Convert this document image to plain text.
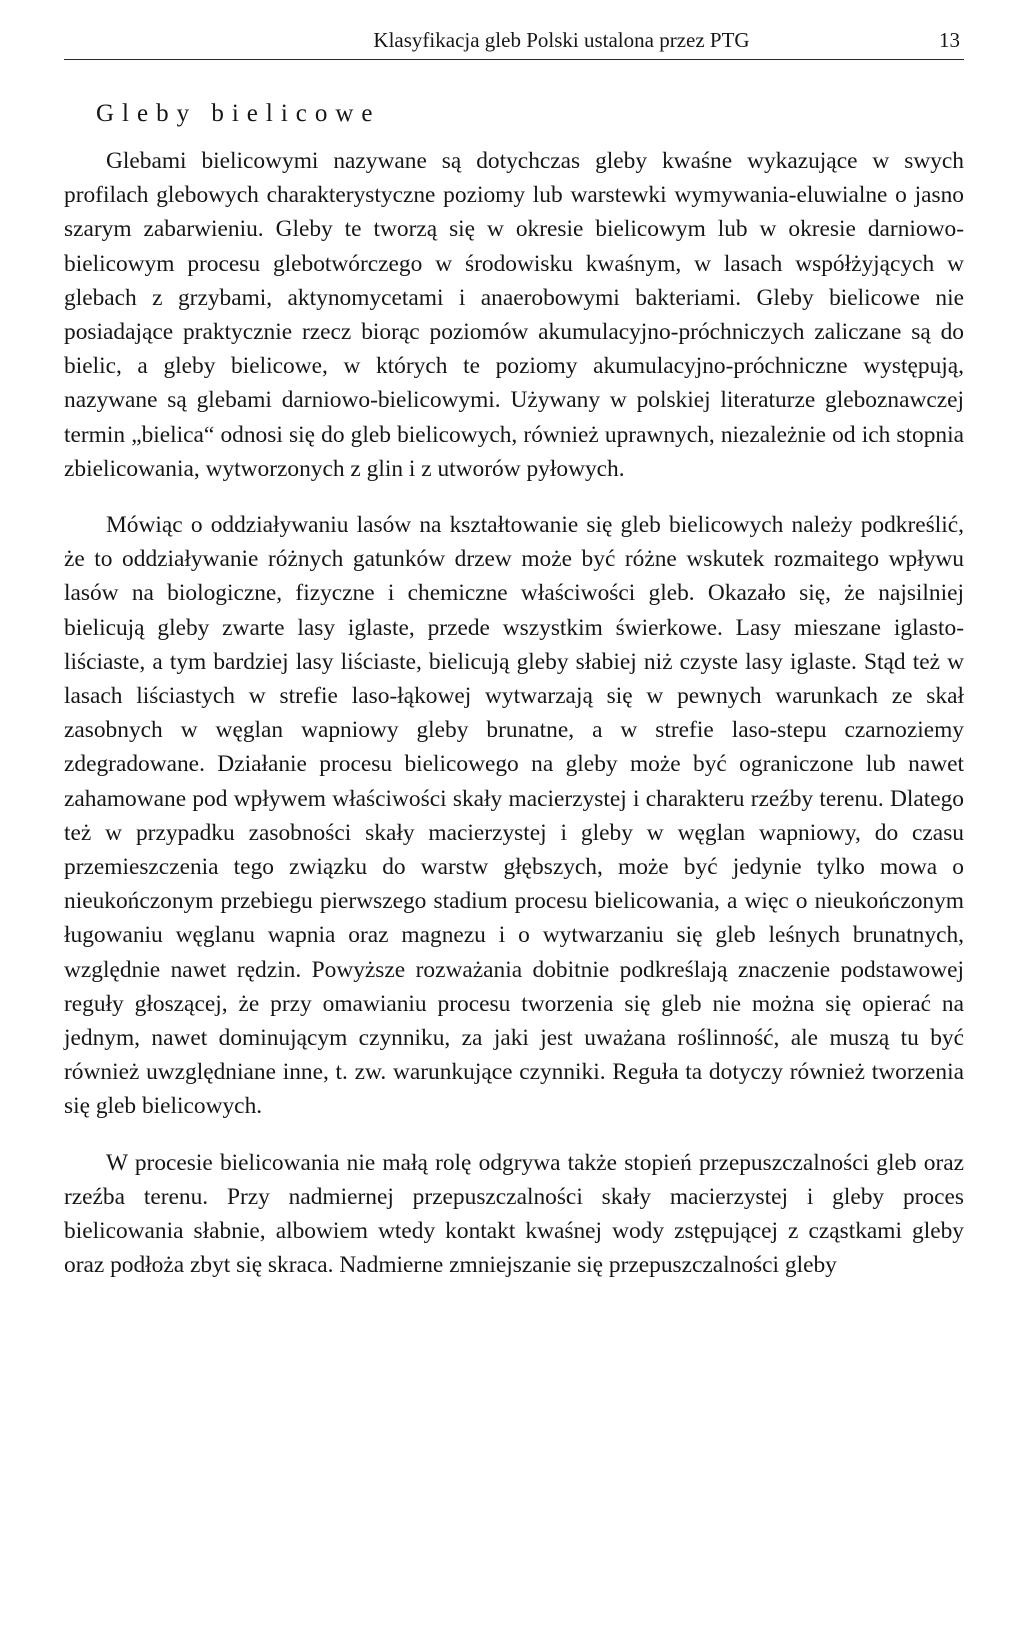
Klasyfikacja gleb Polski ustalona przez PTG	13
Gleby bielicowe

Glebami bielicowymi nazywane są dotychczas gleby kwaśne wykazujące w swych profilach glebowych charakterystyczne poziomy lub warstewki wymywania-eluwialne o jasno szarym zabarwieniu. Gleby te tworzą się w okresie bielicowym lub w okresie darniowo-bielicowym procesu glebotwórczego w środowisku kwaśnym, w lasach współżyjących w glebach z grzybami, aktynomycetami i anaerobowymi bakteriami. Gleby bielicowe nie posiadające praktycznie rzecz biorąc poziomów akumulacyjno-próchniczych zaliczane są do bielic, a gleby bielicowe, w których te poziomy akumulacyjno-próchniczne występują, nazywane są glebami darniowo-bielicowymi. Używany w polskiej literaturze gleboznawczej termin „bielica“ odnosi się do gleb bielicowych, również uprawnych, niezależnie od ich stopnia zbielicowania, wytworzonych z glin i z utworów pyłowych.

Mówiąc o oddziaływaniu lasów na kształtowanie się gleb bielicowych należy podkreślić, że to oddziaływanie różnych gatunków drzew może być różne wskutek rozmaitego wpływu lasów na biologiczne, fizyczne i chemiczne właściwości gleb. Okazało się, że najsilniej bielicują gleby zwarte lasy iglaste, przede wszystkim świerkowe. Lasy mieszane iglasto-liściaste, a tym bardziej lasy liściaste, bielicują gleby słabiej niż czyste lasy iglaste. Stąd też w lasach liściastych w strefie laso-łąkowej wytwarzają się w pewnych warunkach ze skał zasobnych w węglan wapniowy gleby brunatne, a w strefie laso-stepu czarnoziemy zdegradowane. Działanie procesu bielicowego na gleby może być ograniczone lub nawet zahamowane pod wpływem właściwości skały macierzystej i charakteru rzeźby terenu. Dlatego też w przypadku zasobności skały macierzystej i gleby w węglan wapniowy, do czasu przemieszczenia tego związku do warstw głębszych, może być jedynie tylko mowa o nieukończonym przebiegu pierwszego stadium procesu bielicowania, a więc o nieukończonym ługowaniu węglanu wapnia oraz magnezu i o wytwarzaniu się gleb leśnych brunatnych, względnie nawet rędzin. Powyższe rozważania dobitnie podkreślają znaczenie podstawowej reguły głoszącej, że przy omawianiu procesu tworzenia się gleb nie można się opierać na jednym, nawet dominującym czynniku, za jaki jest uważana roślinność, ale muszą tu być również uwzględniane inne, t. zw. warunkujące czynniki. Reguła ta dotyczy również tworzenia się gleb bielicowych.

W procesie bielicowania nie małą rolę odgrywa także stopień przepuszczalności gleb oraz rzeźba terenu. Przy nadmiernej przepuszczalności skały macierzystej i gleby proces bielicowania słabnie, albowiem wtedy kontakt kwaśnej wody zstępującej z cząstkami gleby oraz podłoża zbyt się skraca. Nadmierne zmniejszanie się przepuszczalności gleby
